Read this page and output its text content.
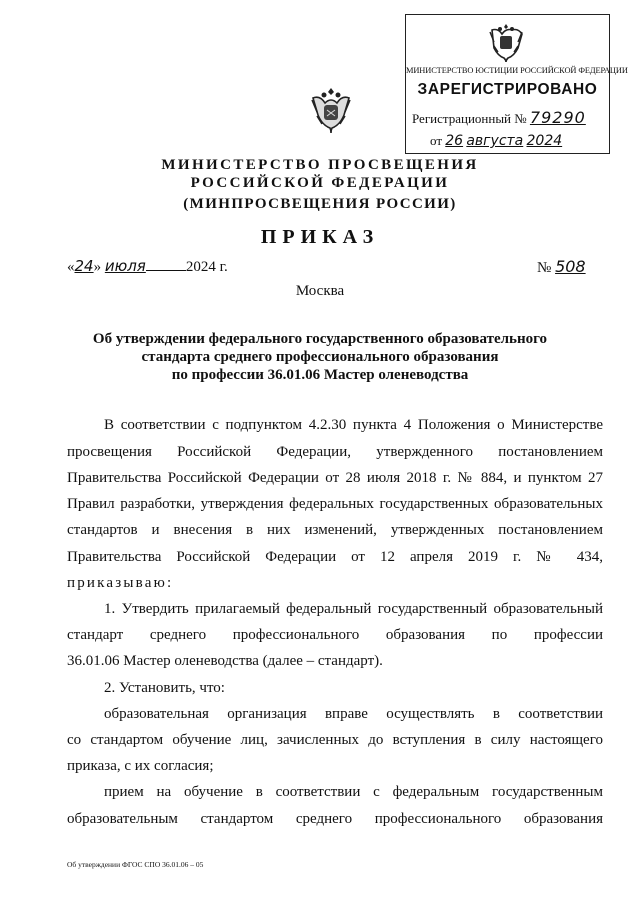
МИНИСТЕРСТВО ЮСТИЦИИ РОССИЙСКОЙ ФЕДЕРАЦИИ
ЗАРЕГИСТРИРОВАНО
Регистрационный № 79290
от 26 августа 2024
МИНИСТЕРСТВО ПРОСВЕЩЕНИЯ
РОССИЙСКОЙ ФЕДЕРАЦИИ
(МИНПРОСВЕЩЕНИЯ РОССИИ)
ПРИКАЗ
«24» июля	2024 г.	№ 508
Москва
Об утверждении федерального государственного образовательного
стандарта среднего профессионального образования
по профессии 36.01.06 Мастер оленеводства
В соответствии с подпунктом 4.2.30 пункта 4 Положения о Министерстве
просвещения Российской Федерации, утвержденного постановлением
Правительства Российской Федерации от 28 июля 2018 г. № 884, и пунктом 27
Правил разработки, утверждения федеральных государственных образовательных
стандартов и внесения в них изменений, утвержденных постановлением
Правительства Российской Федерации от 12 апреля 2019 г. № 434,
приказываю:
1. Утвердить прилагаемый федеральный государственный образовательный
стандарт среднего профессионального образования по профессии
36.01.06 Мастер оленеводства (далее – стандарт).
2. Установить, что:
образовательная организация вправе осуществлять в соответствии
со стандартом обучение лиц, зачисленных до вступления в силу настоящего
приказа, с их согласия;
прием на обучение в соответствии с федеральным государственным
образовательным стандартом среднего профессионального образования
Об утверждении ФГОС СПО 36.01.06 – 05
